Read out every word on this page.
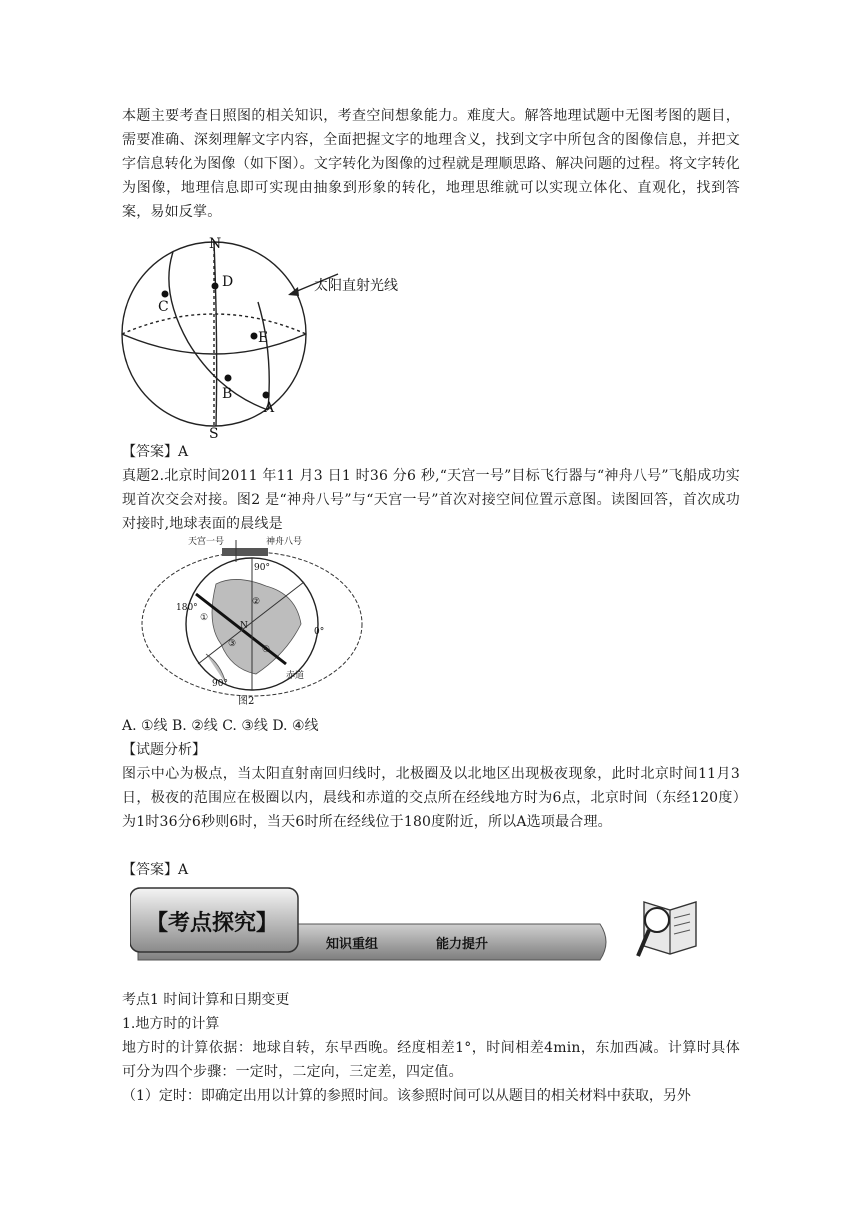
本题主要考查日照图的相关知识，考查空间想象能力。难度大。解答地理试题中无图考图的题目，需要准确、深刻理解文字内容，全面把握文字的地理含义，找到文字中所包含的图像信息，并把文字信息转化为图像（如下图）。文字转化为图像的过程就是理顺思路、解决问题的过程。将文字转化为图像，地理信息即可实现由抽象到形象的转化，地理思维就可以实现立体化、直观化，找到答案，易如反掌。
N
S
A
B
C
D
E
太阳直射光线
【答案】A
真题2.北京时间2011 年11 月3 日1 时36 分6 秒,“天宫一号”目标飞行器与“神舟八号”飞船成功实现首次交会对接。图2 是“神舟八号”与“天宫一号”首次对接空间位置示意图。读图回答，首次成功对接时,地球表面的晨线是
天宫一号	神舟八号
90°
180°
0°
90°
①
②
③
④
N
赤道
图2
A. ①线 B. ②线 C. ③线 D. ④线
【试题分析】
图示中心为极点，当太阳直射南回归线时，北极圈及以北地区出现极夜现象，此时北京时间11月3日，极夜的范围应在极圈以内，晨线和赤道的交点所在经线地方时为6点，北京时间（东经120度）为1时36分6秒则6时，当天6时所在经线位于180度附近，所以A选项最合理。
【答案】A
【考点探究】
知识重组	能力提升
考点1 时间计算和日期变更
1.地方时的计算
地方时的计算依据：地球自转，东早西晚。经度相差1°，时间相差4min，东加西减。计算时具体可分为四个步骤：一定时，二定向，三定差，四定值。
（1）定时：即确定出用以计算的参照时间。该参照时间可以从题目的相关材料中获取，另外
